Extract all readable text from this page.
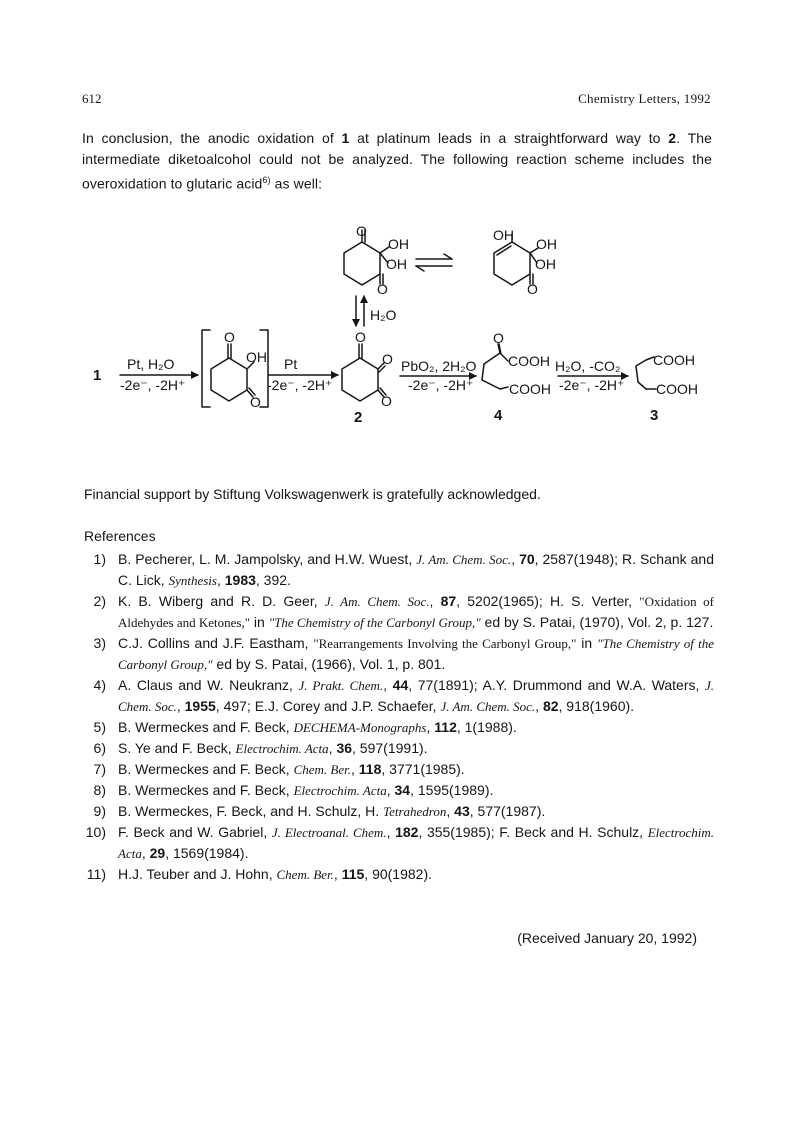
612	Chemistry Letters, 1992
In conclusion, the anodic oxidation of 1 at platinum leads in a straightforward way to 2. The intermediate diketoalcohol could not be analyzed. The following reaction scheme includes the overoxidation to glutaric acid$^{6)}$ as well:
O
OH
OH
O
OH
OH
OH
O
H₂O
O
OH
O
O
O
O
O
COOH
COOH
COOH
COOH
Pt, H₂O
-2e⁻, -2H⁺
Pt
-2e⁻, -2H⁺
PbO₂, 2H₂O
-2e⁻, -2H⁺
H₂O, -CO₂
-2e⁻, -2H⁺
1
2	4	3
Financial support by Stiftung Volkswagenwerk is gratefully acknowledged.
References
1) B. Pecherer, L. M. Jampolsky, and H.W. Wuest, J. Am. Chem. Soc., 70, 2587(1948); R. Schank and C. Lick, Synthesis, 1983, 392.
2) K. B. Wiberg and R. D. Geer, J. Am. Chem. Soc., 87, 5202(1965); H. S. Verter, "Oxidation of Aldehydes and Ketones," in "The Chemistry of the Carbonyl Group," ed by S. Patai, (1970), Vol. 2, p. 127.
3) C.J. Collins and J.F. Eastham, "Rearrangements Involving the Carbonyl Group," in "The Chemistry of the Carbonyl Group," ed by S. Patai, (1966), Vol. 1, p. 801.
4) A. Claus and W. Neukranz, J. Prakt. Chem., 44, 77(1891); A.Y. Drummond and W.A. Waters, J. Chem. Soc., 1955, 497; E.J. Corey and J.P. Schaefer, J. Am. Chem. Soc., 82, 918(1960).
5) B. Wermeckes and F. Beck, DECHEMA-Monographs, 112, 1(1988).
6) S. Ye and F. Beck, Electrochim. Acta, 36, 597(1991).
7) B. Wermeckes and F. Beck, Chem. Ber., 118, 3771(1985).
8) B. Wermeckes and F. Beck, Electrochim. Acta, 34, 1595(1989).
9) B. Wermeckes, F. Beck, and H. Schulz, H. Tetrahedron, 43, 577(1987).
10) F. Beck and W. Gabriel, J. Electroanal. Chem., 182, 355(1985); F. Beck and H. Schulz, Electrochim. Acta, 29, 1569(1984).
11) H.J. Teuber and J. Hohn, Chem. Ber., 115, 90(1982).
(Received January 20, 1992)
